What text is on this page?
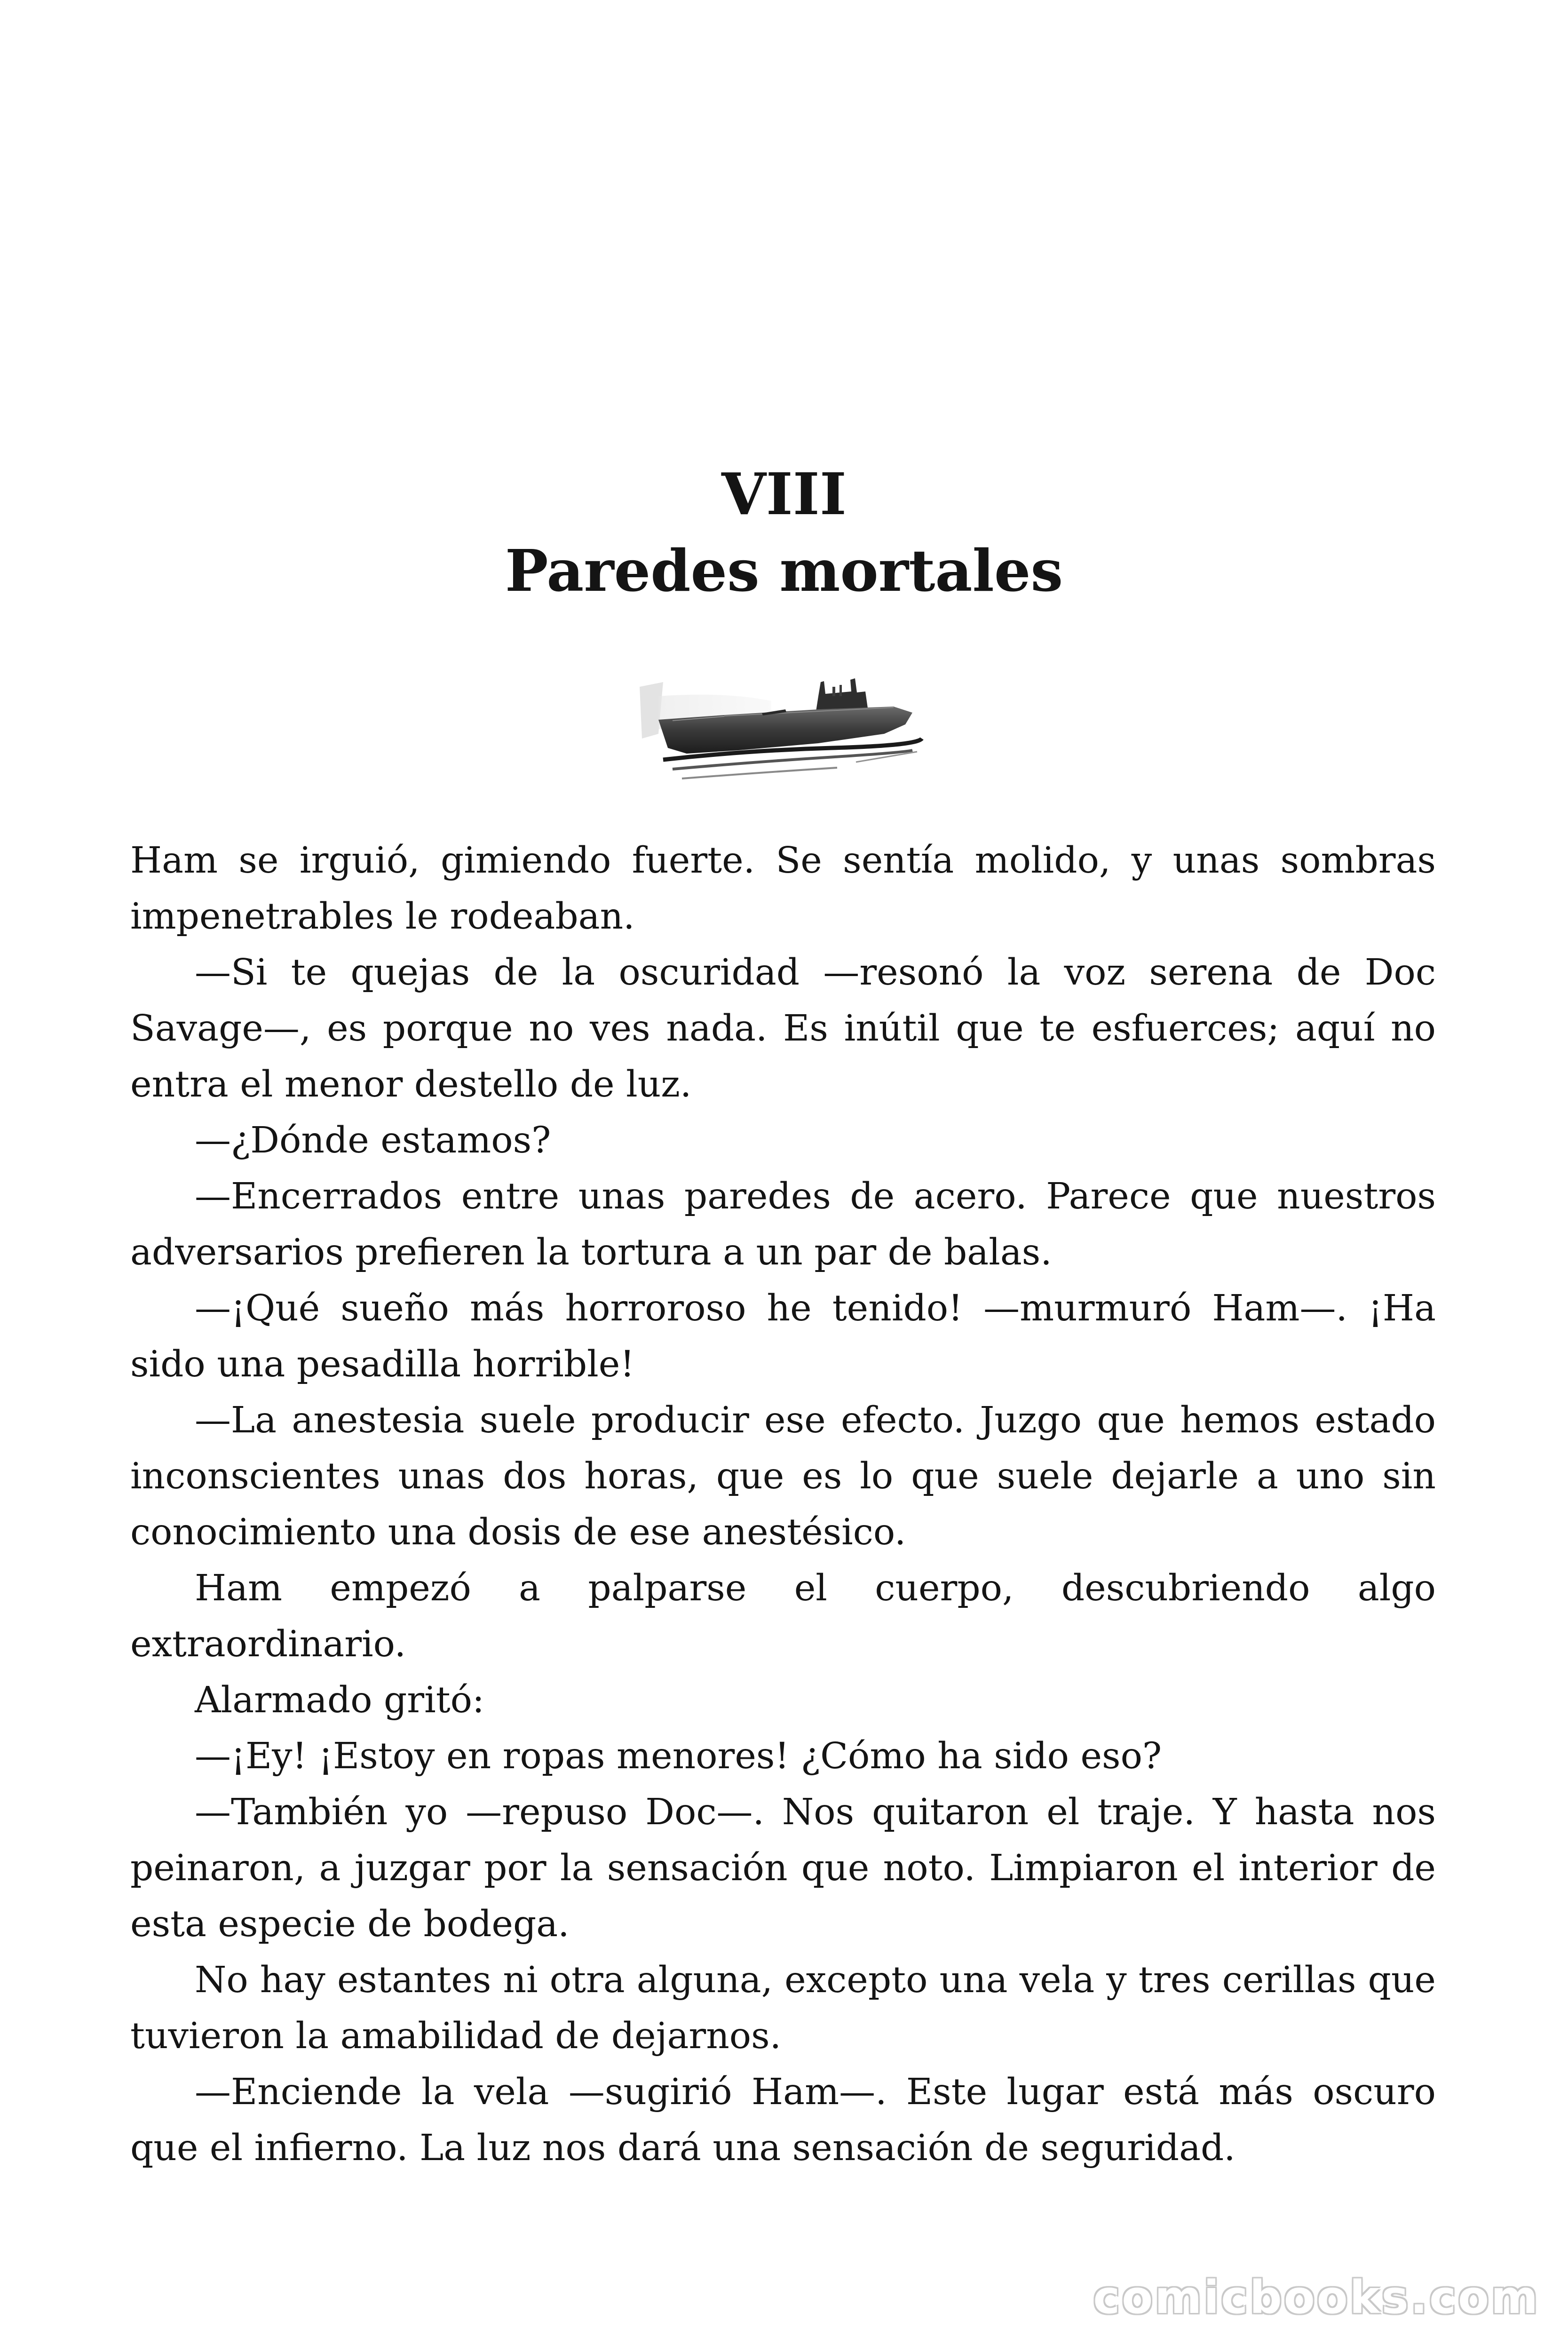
VIII
Paredes mortales

Ham se irguió, gimiendo fuerte. Se sentía molido, y unas sombras impenetrables le rodeaban.

—Si te quejas de la oscuridad —resonó la voz serena de Doc Savage—, es porque no ves nada. Es inútil que te esfuerces; aquí no entra el menor destello de luz.

—¿Dónde estamos?

—Encerrados entre unas paredes de acero. Parece que nuestros adversarios prefieren la tortura a un par de balas.

—¡Qué sueño más horroroso he tenido! —murmuró Ham—. ¡Ha sido una pesadilla horrible!

—La anestesia suele producir ese efecto. Juzgo que hemos estado inconscientes unas dos horas, que es lo que suele dejarle a uno sin conocimiento una dosis de ese anestésico.

Ham empezó a palparse el cuerpo, descubriendo algo extraordinario.

Alarmado gritó:

—¡Ey! ¡Estoy en ropas menores! ¿Cómo ha sido eso?

—También yo —repuso Doc—. Nos quitaron el traje. Y hasta nos peinaron, a juzgar por la sensación que noto. Limpiaron el interior de esta especie de bodega.

No hay estantes ni otra alguna, excepto una vela y tres cerillas que tuvieron la amabilidad de dejarnos.

—Enciende la vela —sugirió Ham—. Este lugar está más oscuro que el infierno. La luz nos dará una sensación de seguridad.

comicbooks.com
